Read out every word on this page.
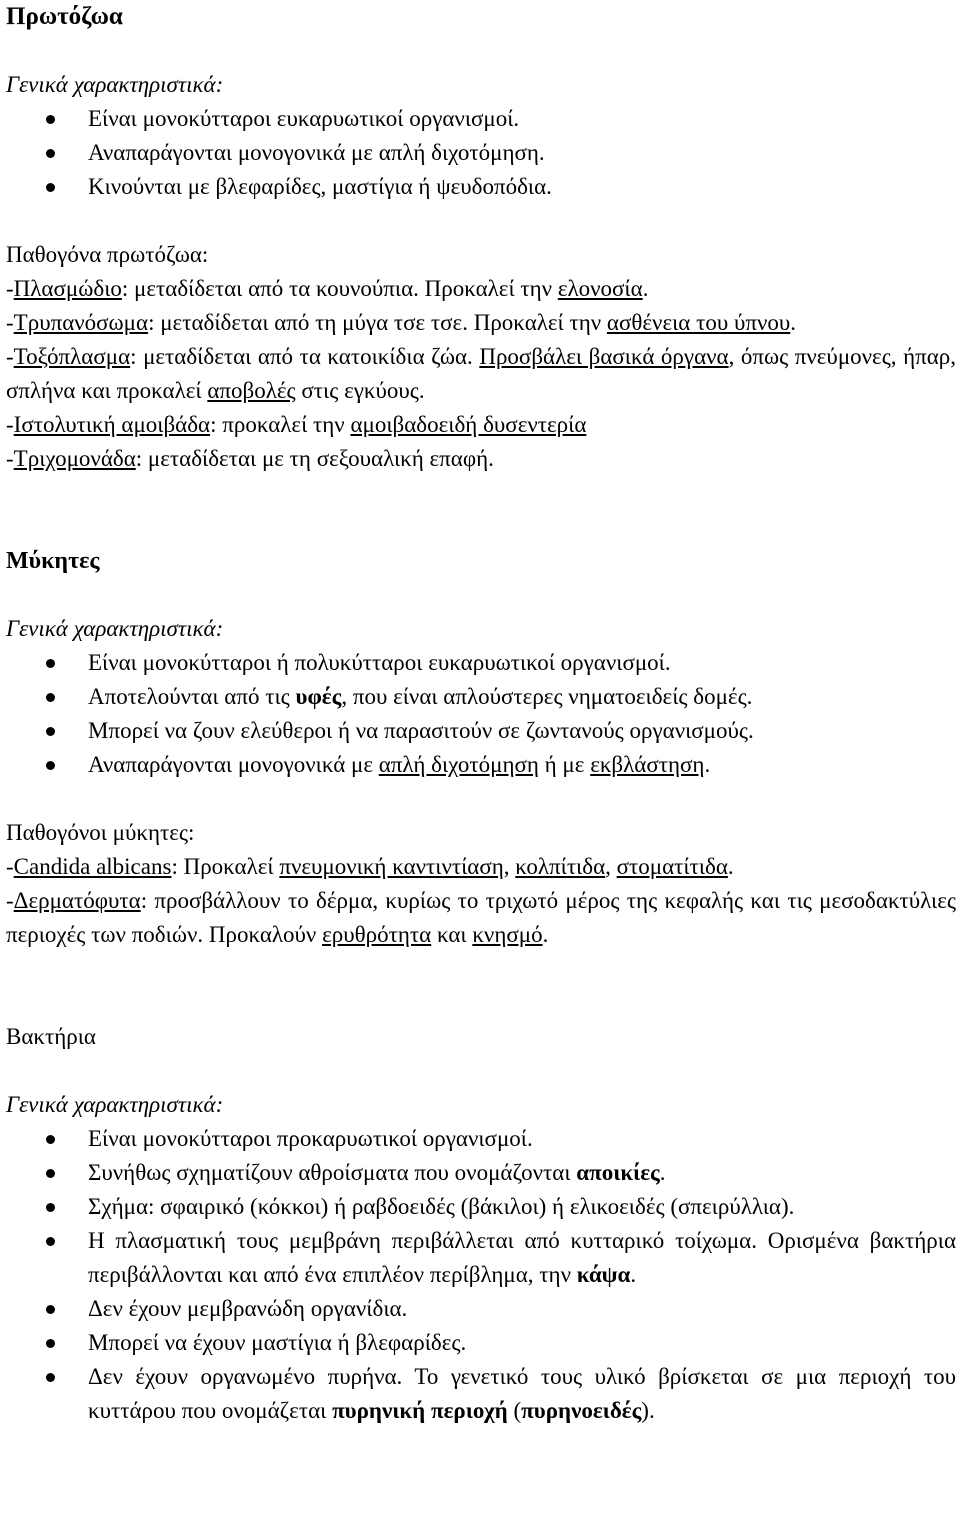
Πρωτόζωα

Γενικά χαρακτηριστικά:

Είναι μονοκύτταροι ευκαρυωτικοί οργανισμοί.
Αναπαράγονται μονογονικά με απλή διχοτόμηση.
Κινούνται με βλεφαρίδες, μαστίγια ή ψευδοπόδια.

Παθογόνα πρωτόζωα:

-Πλασμώδιο: μεταδίδεται από τα κουνούπια. Προκαλεί την ελονοσία.

-Τρυπανόσωμα: μεταδίδεται από τη μύγα τσε τσε. Προκαλεί την ασθένεια του ύπνου.

-Τοξόπλασμα: μεταδίδεται από τα κατοικίδια ζώα. Προσβάλει βασικά όργανα, όπως πνεύμονες, ήπαρ, σπλήνα και προκαλεί αποβολές στις εγκύους.

-Ιστολυτική αμοιβάδα: προκαλεί την αμοιβαδοειδή δυσεντερία

-Τριχομονάδα: μεταδίδεται με τη σεξουαλική επαφή.

Μύκητες

Γενικά χαρακτηριστικά:

Είναι μονοκύτταροι ή πολυκύτταροι ευκαρυωτικοί οργανισμοί.
Αποτελούνται από τις υφές, που είναι απλούστερες νηματοειδείς δομές.
Μπορεί να ζουν ελεύθεροι ή να παρασιτούν σε ζωντανούς οργανισμούς.
Αναπαράγονται μονογονικά με απλή διχοτόμηση ή με εκβλάστηση.

Παθογόνοι μύκητες:

-Candida albicans: Προκαλεί πνευμονική καντιντίαση, κολπίτιδα, στοματίτιδα.

-Δερματόφυτα: προσβάλλουν το δέρμα, κυρίως το τριχωτό μέρος της κεφαλής και τις μεσοδακτύλιες περιοχές των ποδιών. Προκαλούν ερυθρότητα και κνησμό.

Βακτήρια

Γενικά χαρακτηριστικά:

Είναι μονοκύτταροι προκαρυωτικοί οργανισμοί.
Συνήθως σχηματίζουν αθροίσματα που ονομάζονται αποικίες.
Σχήμα: σφαιρικό (κόκκοι) ή ραβδοειδές (βάκιλοι) ή ελικοειδές (σπειρύλλια).
Η πλασματική τους μεμβράνη περιβάλλεται από κυτταρικό τοίχωμα. Ορισμένα βακτήρια περιβάλλονται και από ένα επιπλέον περίβλημα, την κάψα.
Δεν έχουν μεμβρανώδη οργανίδια.
Μπορεί να έχουν μαστίγια ή βλεφαρίδες.
Δεν έχουν οργανωμένο πυρήνα. Το γενετικό τους υλικό βρίσκεται σε μια περιοχή του κυττάρου που ονομάζεται πυρηνική περιοχή (πυρηνοειδές).
